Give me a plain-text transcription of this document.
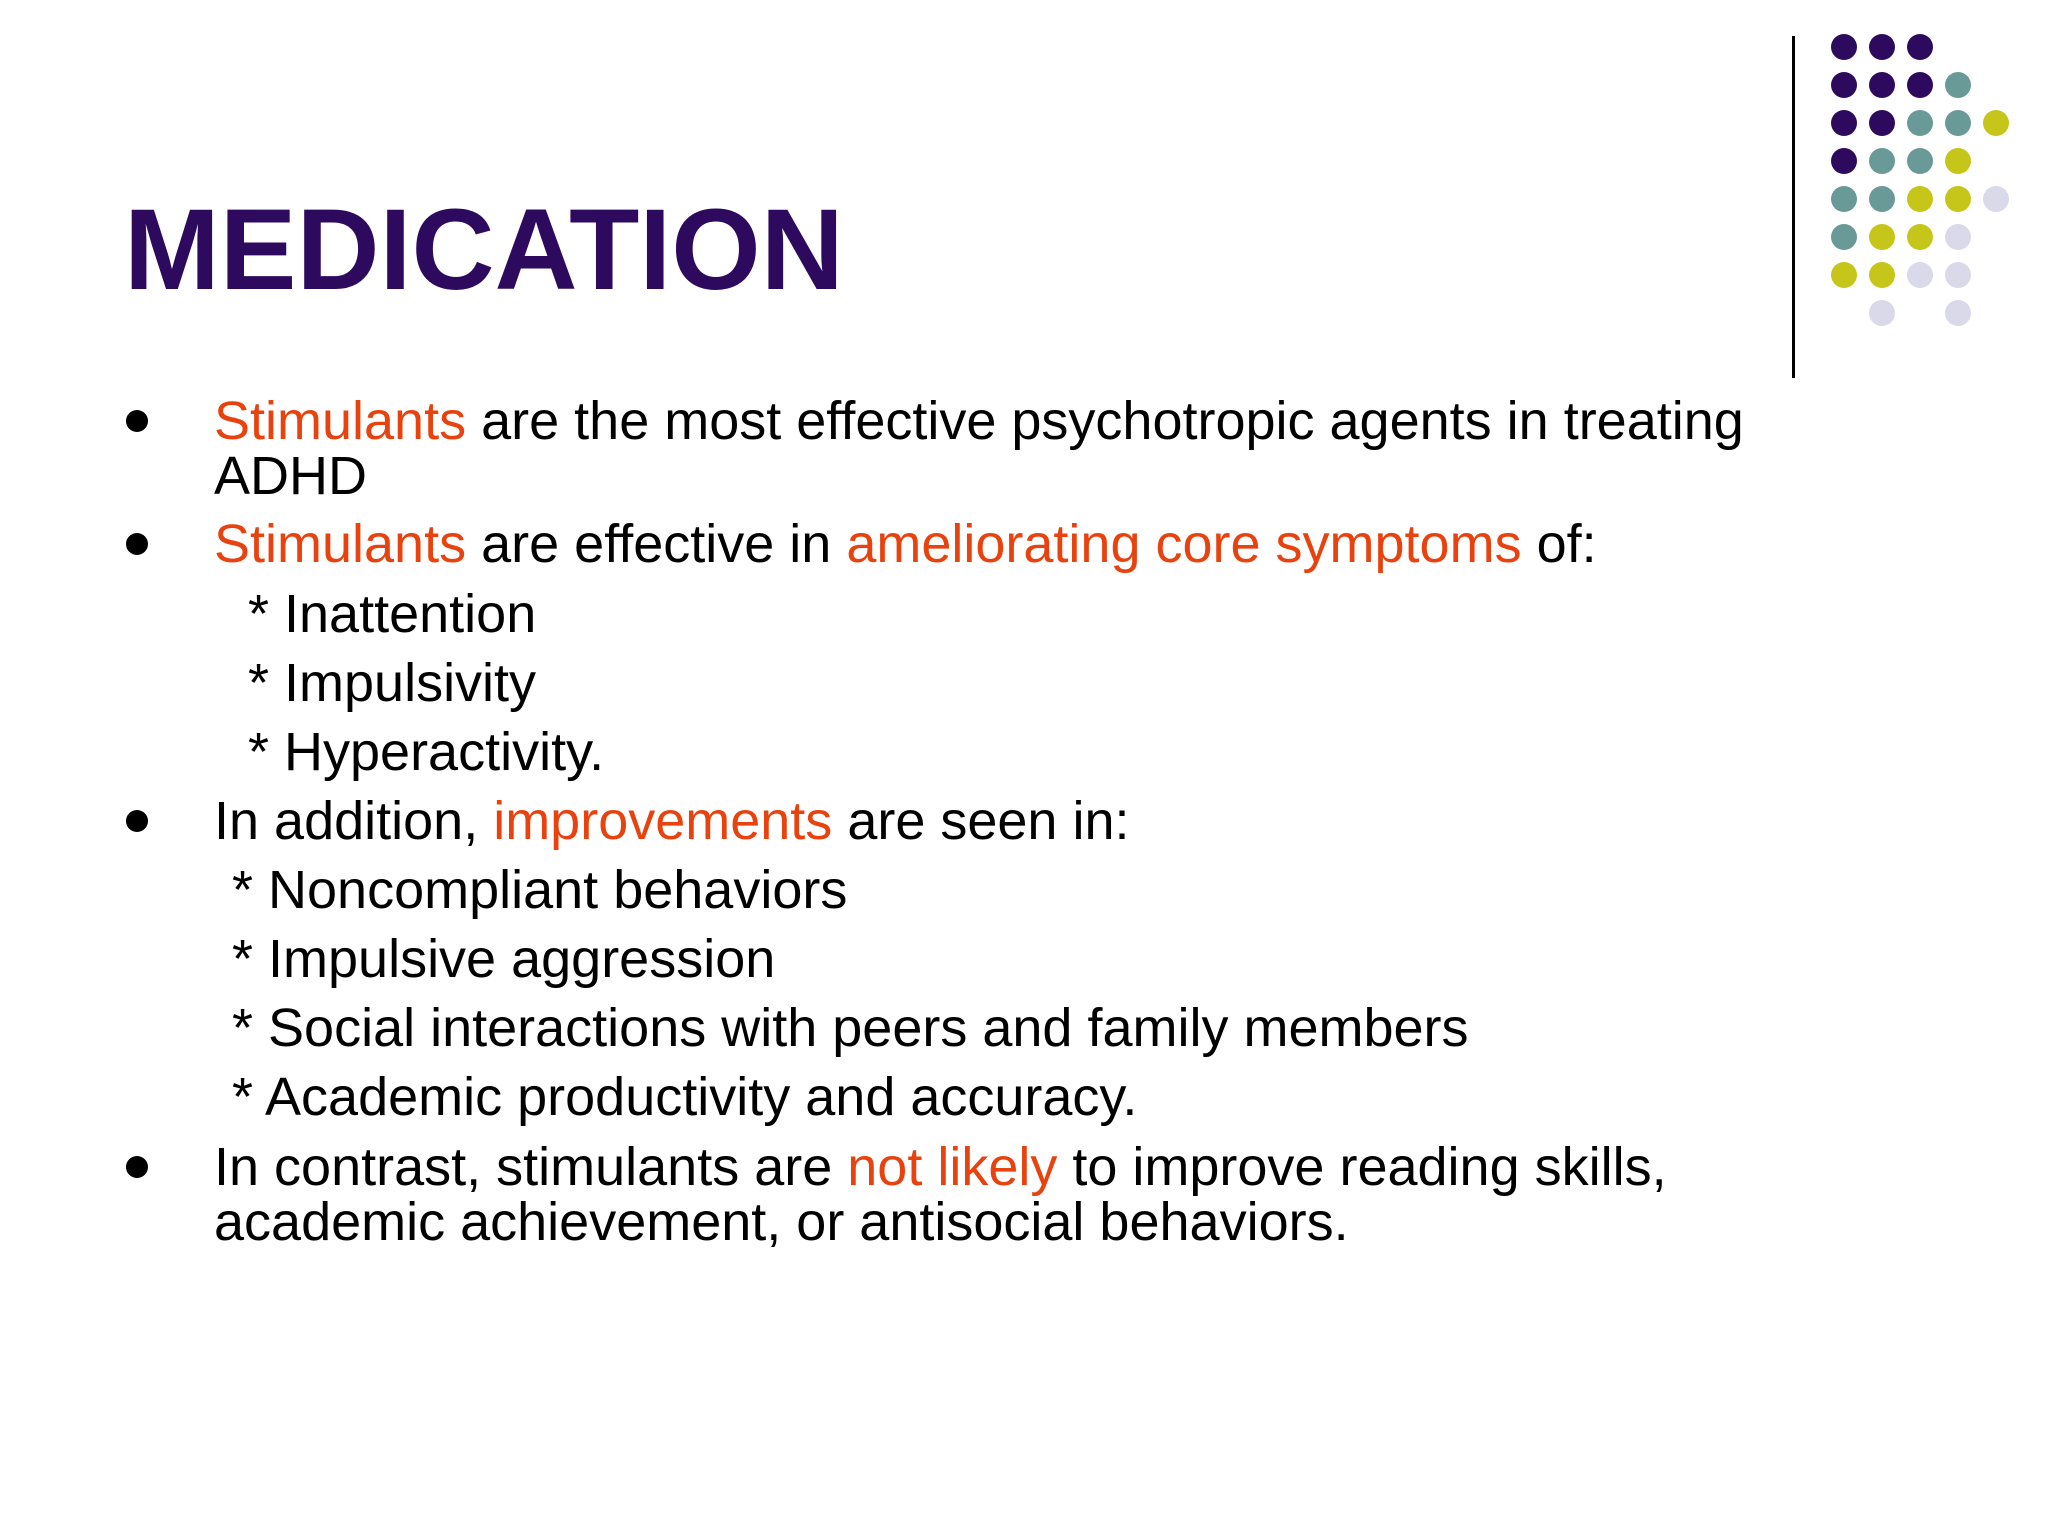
MEDICATION

Stimulants are the most effective psychotropic agents in treating

ADHD

Stimulants are effective in ameliorating core symptoms of:

* Inattention

* Impulsivity

* Hyperactivity.

In addition, improvements are seen in:

* Noncompliant behaviors

* Impulsive aggression

* Social interactions with peers and family members

* Academic productivity and accuracy.

In contrast, stimulants are not likely to improve reading skills,

academic achievement, or antisocial behaviors.
